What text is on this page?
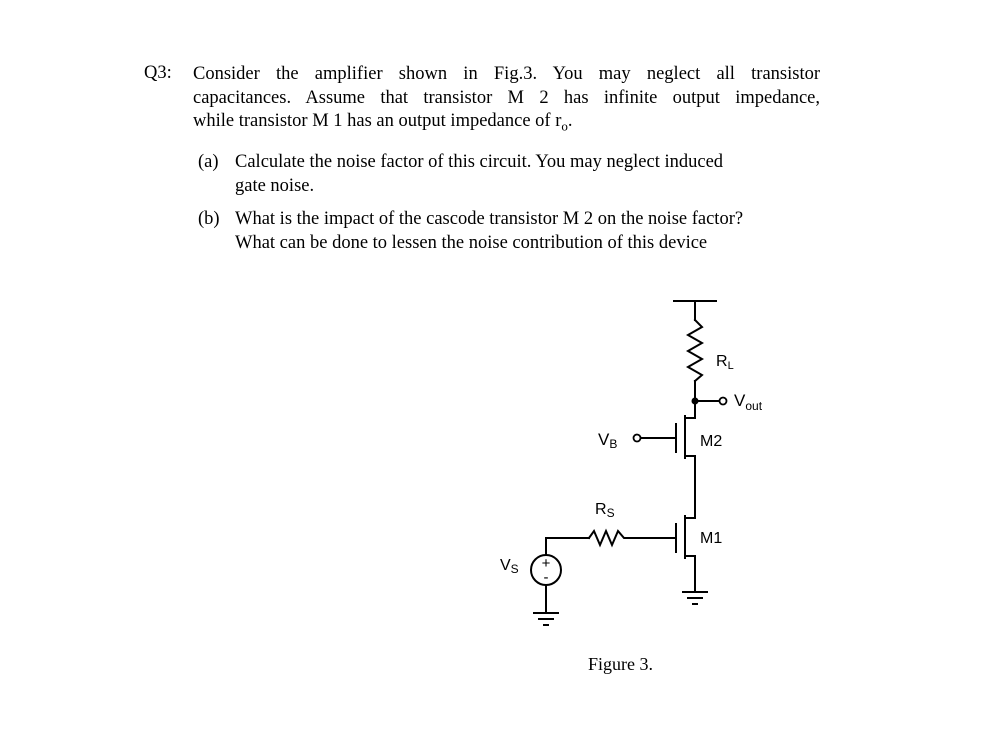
Q3: Consider the amplifier shown in Fig.3. You may neglect all transistor
capacitances. Assume that transistor M 2 has infinite output impedance,
while transistor M 1 has an output impedance of $r_o$.
(a) Calculate the noise factor of this circuit. You may neglect induced
gate noise.
(b) What is the impact of the cascode transistor M 2 on the noise factor?
What can be done to lessen the noise contribution of this device
+
-
RL
$V_{out}$
VB	M2
RS
M1
VS
Figure 3.
